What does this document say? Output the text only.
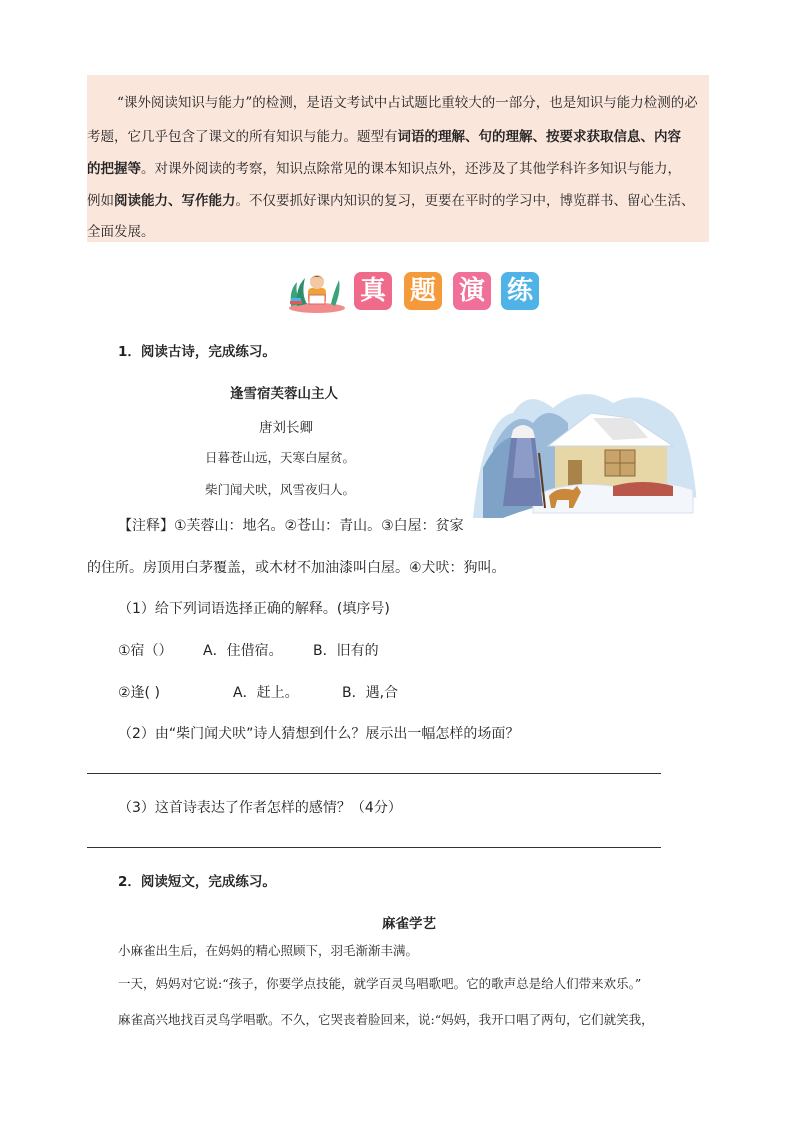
“课外阅读知识与能力”的检测，是语文考试中占试题比重较大的一部分，也是知识与能力检测的必

考题，它几乎包含了课文的所有知识与能力。题型有词语的理解、句的理解、按要求获取信息、内容

的把握等。对课外阅读的考察，知识点除常见的课本知识点外，还涉及了其他学科许多知识与能力，

例如阅读能力、写作能力。不仅要抓好课内知识的复习，更要在平时的学习中，博览群书、留心生活、

全面发展。

真 题 演 练
1．阅读古诗，完成练习。
逢雪宿芙蓉山主人
唐刘长卿
日暮苍山远，天寒白屋贫。
柴门闻犬吠，风雪夜归人。
【注释】①芙蓉山：地名。②苍山：青山。③白屋：贫家
的住所。房顶用白茅覆盖，或木材不加油漆叫白屋。④犬吠：狗叫。
（1）给下列词语选择正确的解释。(填序号)
①宿（） A．住借宿。 B．旧有的
②逢( )	A．赶上。	B．遇,合
（2）由“柴门闻犬吠”诗人猜想到什么？展示出一幅怎样的场面？
（3）这首诗表达了作者怎样的感情？（4分）
2．阅读短文，完成练习。
麻雀学艺
小麻雀出生后，在妈妈的精心照顾下，羽毛渐渐丰满。
一天，妈妈对它说:“孩子，你要学点技能，就学百灵鸟唱歌吧。它的歌声总是给人们带来欢乐。”
麻雀高兴地找百灵鸟学唱歌。不久，它哭丧着脸回来，说:“妈妈，我开口唱了两句，它们就笑我，
